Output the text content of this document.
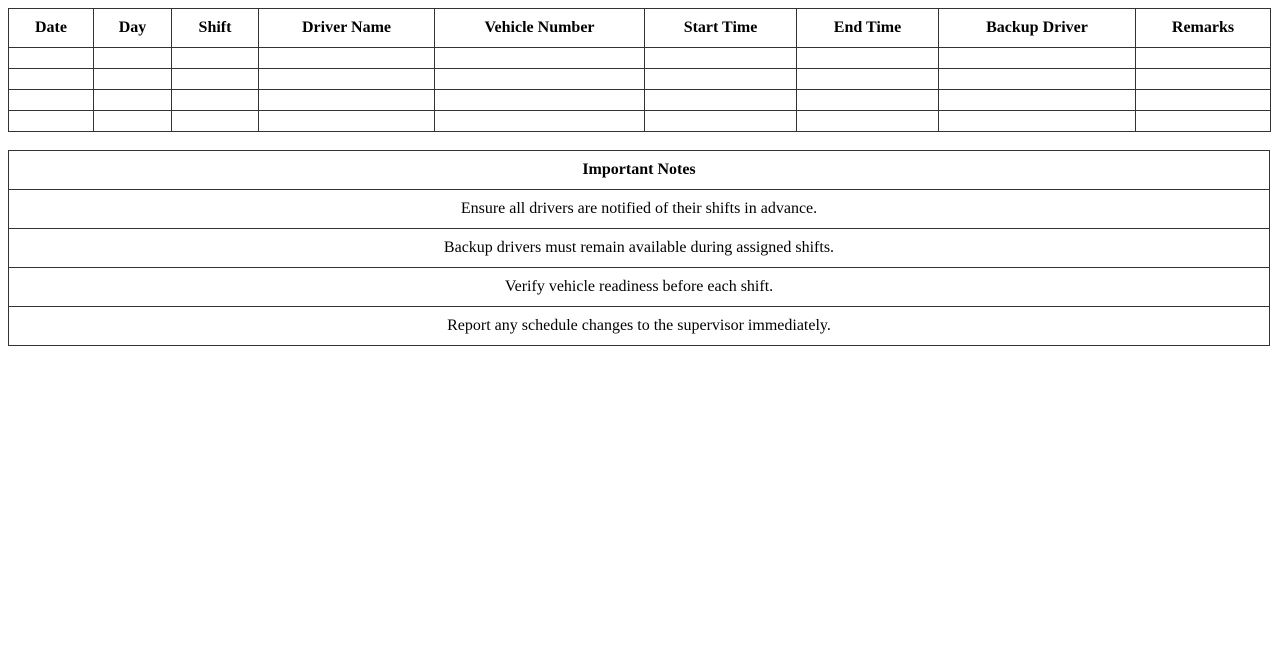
Date	Day	Shift	Driver Name	Vehicle Number	Start Time	End Time	Backup Driver	Remarks

Important Notes
Ensure all drivers are notified of their shifts in advance.
Backup drivers must remain available during assigned shifts.
Verify vehicle readiness before each shift.
Report any schedule changes to the supervisor immediately.
